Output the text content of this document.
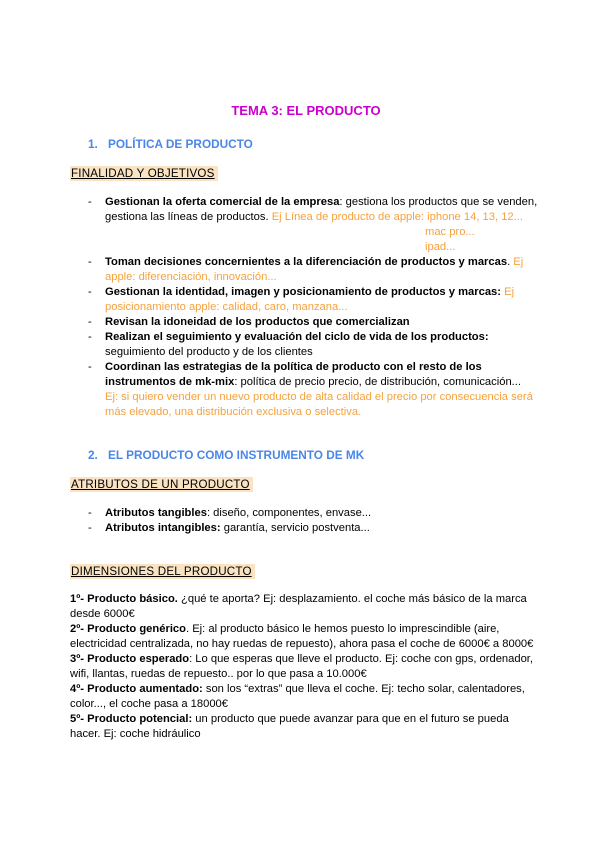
TEMA 3: EL PRODUCTO
1. POLÍTICA DE PRODUCTO
FINALIDAD Y OBJETIVOS
- Gestionan la oferta comercial de la empresa: gestiona los productos que se venden, gestiona las líneas de productos. Ej Línea de producto de apple: iphone 14, 13, 12...
mac pro...
ipad...
- Toman decisiones concernientes a la diferenciación de productos y marcas. Ej apple: diferenciación, innovación...
- Gestionan la identidad, imagen y posicionamiento de productos y marcas: Ej posicionamiento apple: calidad, caro, manzana...
- Revisan la idoneidad de los productos que comercializan
- Realizan el seguimiento y evaluación del ciclo de vida de los productos: seguimiento del producto y de los clientes
- Coordinan las estrategias de la política de producto con el resto de los instrumentos de mk-mix: política de precio precio, de distribución, comunicación...
Ej: si quiero vender un nuevo producto de alta calidad el precio por consecuencia será más elevado, una distribución exclusiva o selectiva.
2. EL PRODUCTO COMO INSTRUMENTO DE MK
ATRIBUTOS DE UN PRODUCTO
- Atributos tangibles: diseño, componentes, envase...
- Atributos intangibles: garantía, servicio postventa...
DIMENSIONES DEL PRODUCTO

1º- Producto básico. ¿qué te aporta? Ej: desplazamiento. el coche más básico de la marca desde 6000€

2º- Producto genérico. Ej: al producto básico le hemos puesto lo imprescindible (aire, electricidad centralizada, no hay ruedas de repuesto), ahora pasa el coche de 6000€ a 8000€

3º- Producto esperado: Lo que esperas que lleve el producto. Ej: coche con gps, ordenador, wifi, llantas, ruedas de repuesto.. por lo que pasa a 10.000€

4º- Producto aumentado: son los “extras” que lleva el coche. Ej: techo solar, calentadores, color..., el coche pasa a 18000€

5º- Producto potencial: un producto que puede avanzar para que en el futuro se pueda hacer. Ej: coche hidráulico
